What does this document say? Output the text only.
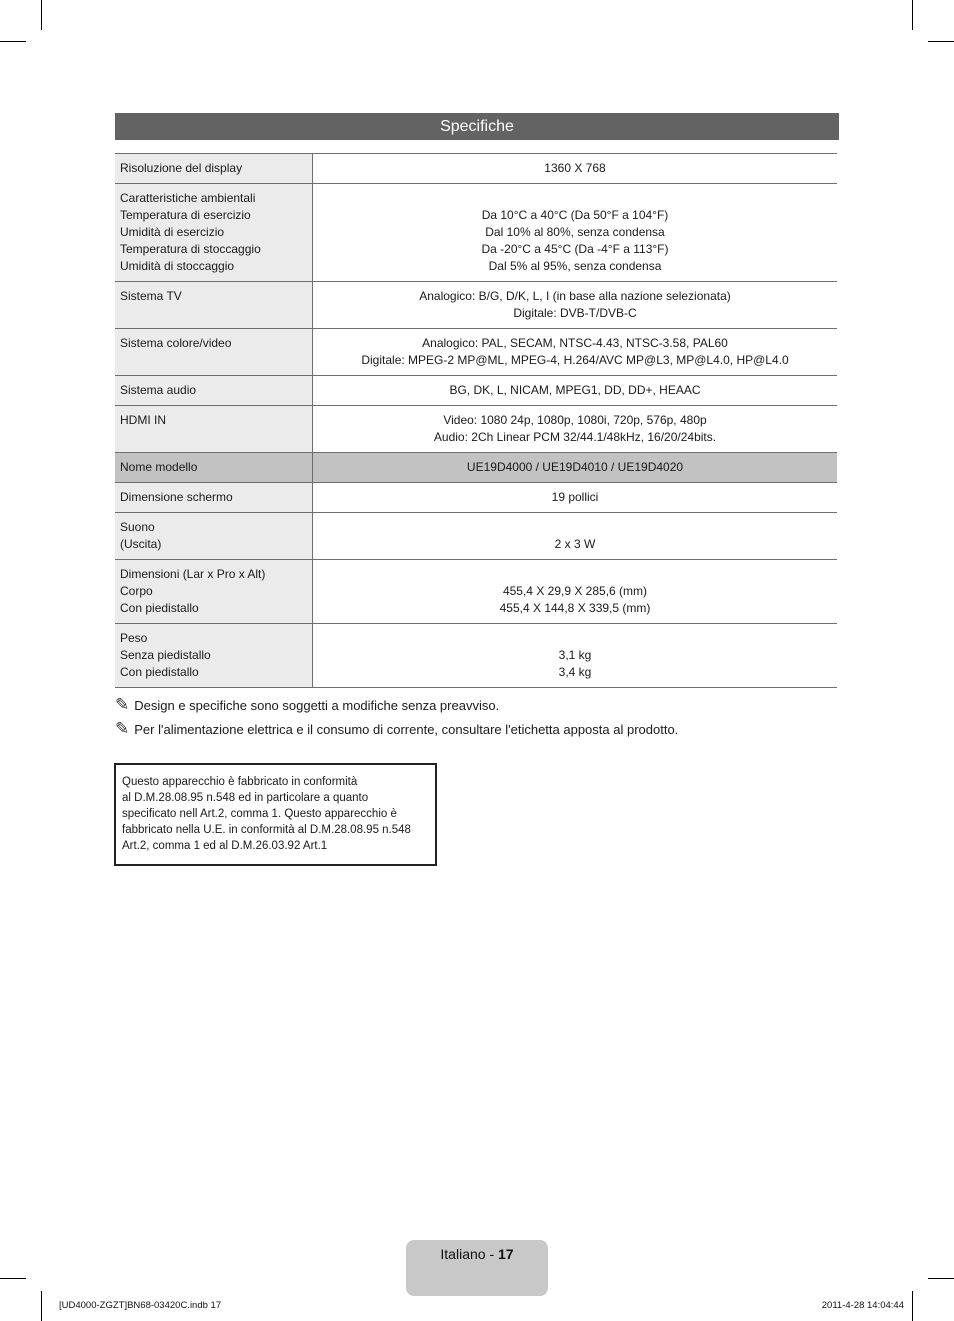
Specifiche
Risoluzione del display	1360 X 768

Caratteristiche ambientali
Temperatura di esercizio
Umidità di esercizio
Temperatura di stoccaggio
Umidità di stoccaggio	Da 10°C a 40°C (Da 50°F a 104°F)
Dal 10% al 80%, senza condensa
Da -20°C a 45°C (Da -4°F a 113°F)
Dal 5% al 95%, senza condensa

Sistema TV	Analogico: B/G, D/K, L, I (in base alla nazione selezionata)
Digitale: DVB-T/DVB-C

Sistema colore/video	Analogico: PAL, SECAM, NTSC-4.43, NTSC-3.58, PAL60
Digitale: MPEG-2 MP@ML, MPEG-4, H.264/AVC MP@L3, MP@L4.0, HP@L4.0

Sistema audio	BG, DK, L, NICAM, MPEG1, DD, DD+, HEAAC

HDMI IN	Video: 1080 24p, 1080p, 1080i, 720p, 576p, 480p
Audio: 2Ch Linear PCM 32/44.1/48kHz, 16/20/24bits.

Nome modello	UE19D4000 / UE19D4010 / UE19D4020

Dimensione schermo	19 pollici

Suono
(Uscita)	2 x 3 W

Dimensioni (Lar x Pro x Alt)
Corpo
Con piedistallo	455,4 X 29,9 X 285,6 (mm)
455,4 X 144,8 X 339,5 (mm)

Peso
Senza piedistallo
Con piedistallo	3,1 kg
3,4 kg
✎ Design e specifiche sono soggetti a modifiche senza preavviso.
✎ Per l'alimentazione elettrica e il consumo di corrente, consultare l'etichetta apposta al prodotto.
Questo apparecchio è fabbricato in conformità
al D.M.28.08.95 n.548 ed in particolare a quanto
specificato nell Art.2, comma 1. Questo apparecchio è
fabbricato nella U.E. in conformità al D.M.28.08.95 n.548
Art.2, comma 1 ed al D.M.26.03.92 Art.1
Italiano - 17
[UD4000-ZGZT]BN68-03420C.indb 17	2011-4-28 14:04:44
